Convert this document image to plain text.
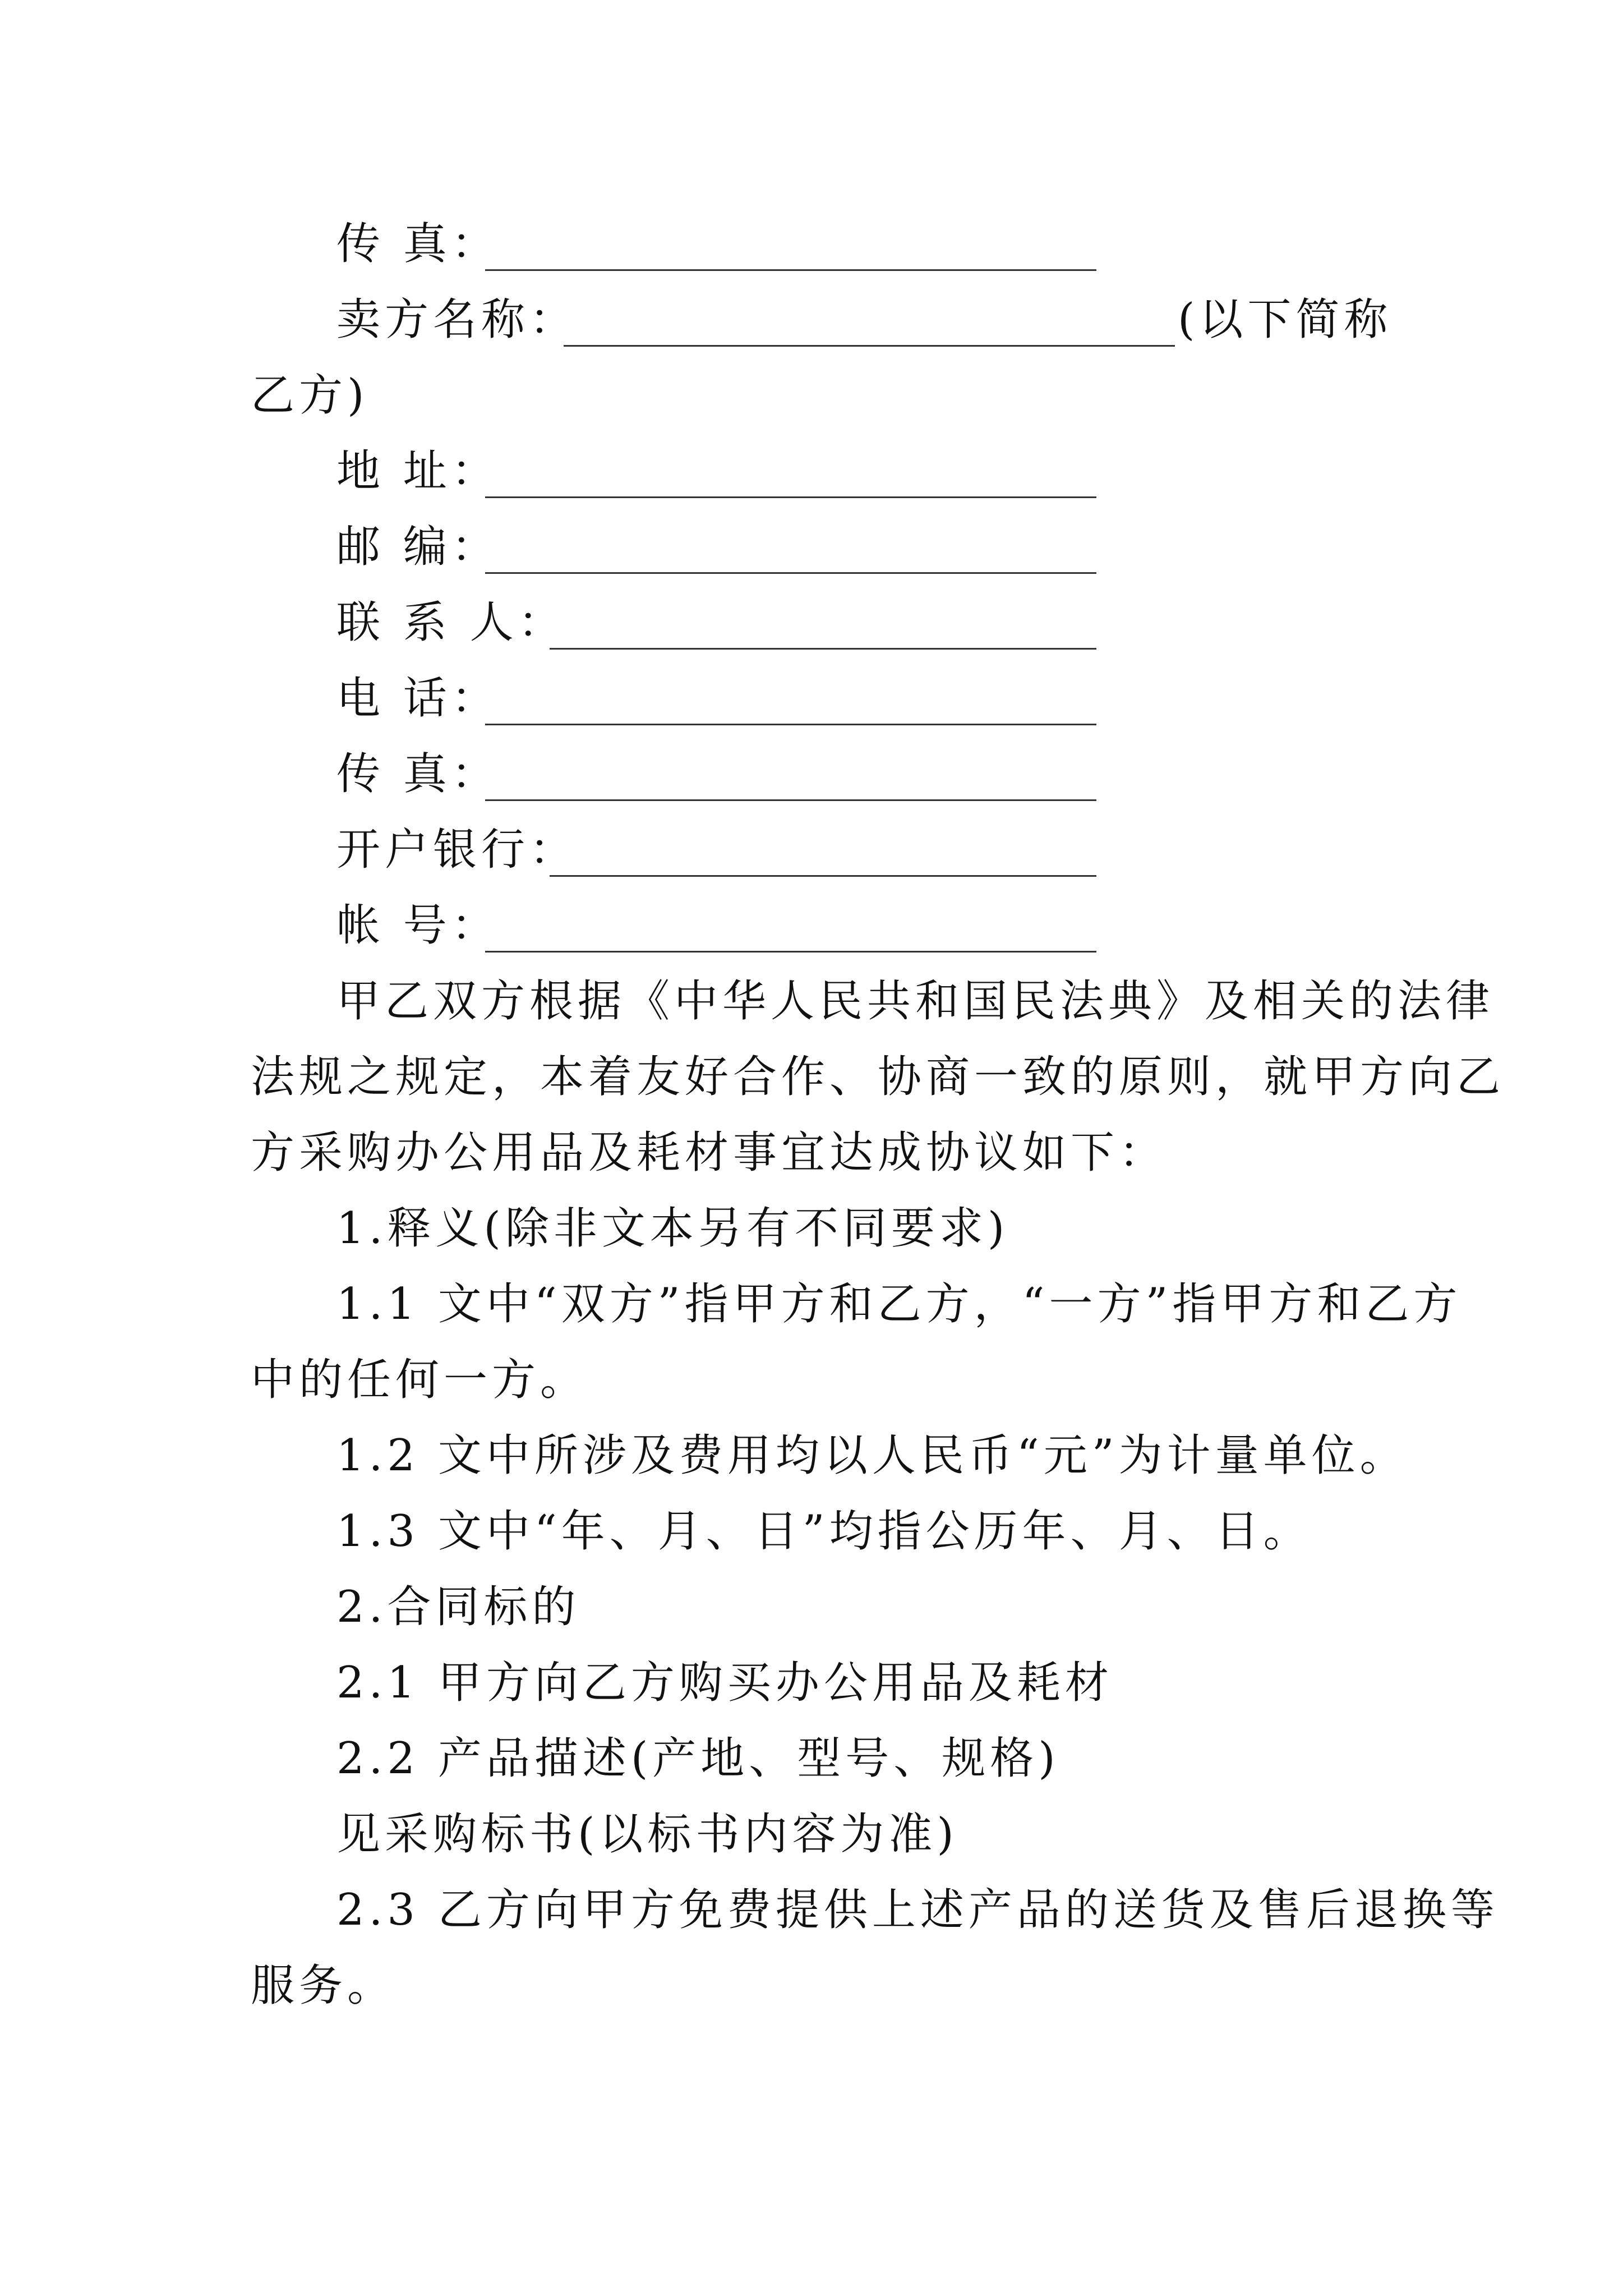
传 真：
卖方名称：	(以下简称
乙方)
地 址：
邮 编：
联 系 人：
电 话：
传 真：
开户银行：
帐 号：
甲乙双方根据《中华人民共和国民法典》及相关的法律
法规之规定，本着友好合作、协商一致的原则，就甲方向乙
方采购办公用品及耗材事宜达成协议如下：
1.释义(除非文本另有不同要求)
1.1 文中“双方”指甲方和乙方，“一方”指甲方和乙方
中的任何一方。
1.2 文中所涉及费用均以人民币“元”为计量单位。
1.3 文中“年、月、日”均指公历年、月、日。
2.合同标的
2.1 甲方向乙方购买办公用品及耗材
2.2 产品描述(产地、型号、规格)
见采购标书(以标书内容为准)
2.3 乙方向甲方免费提供上述产品的送货及售后退换等
服务。
